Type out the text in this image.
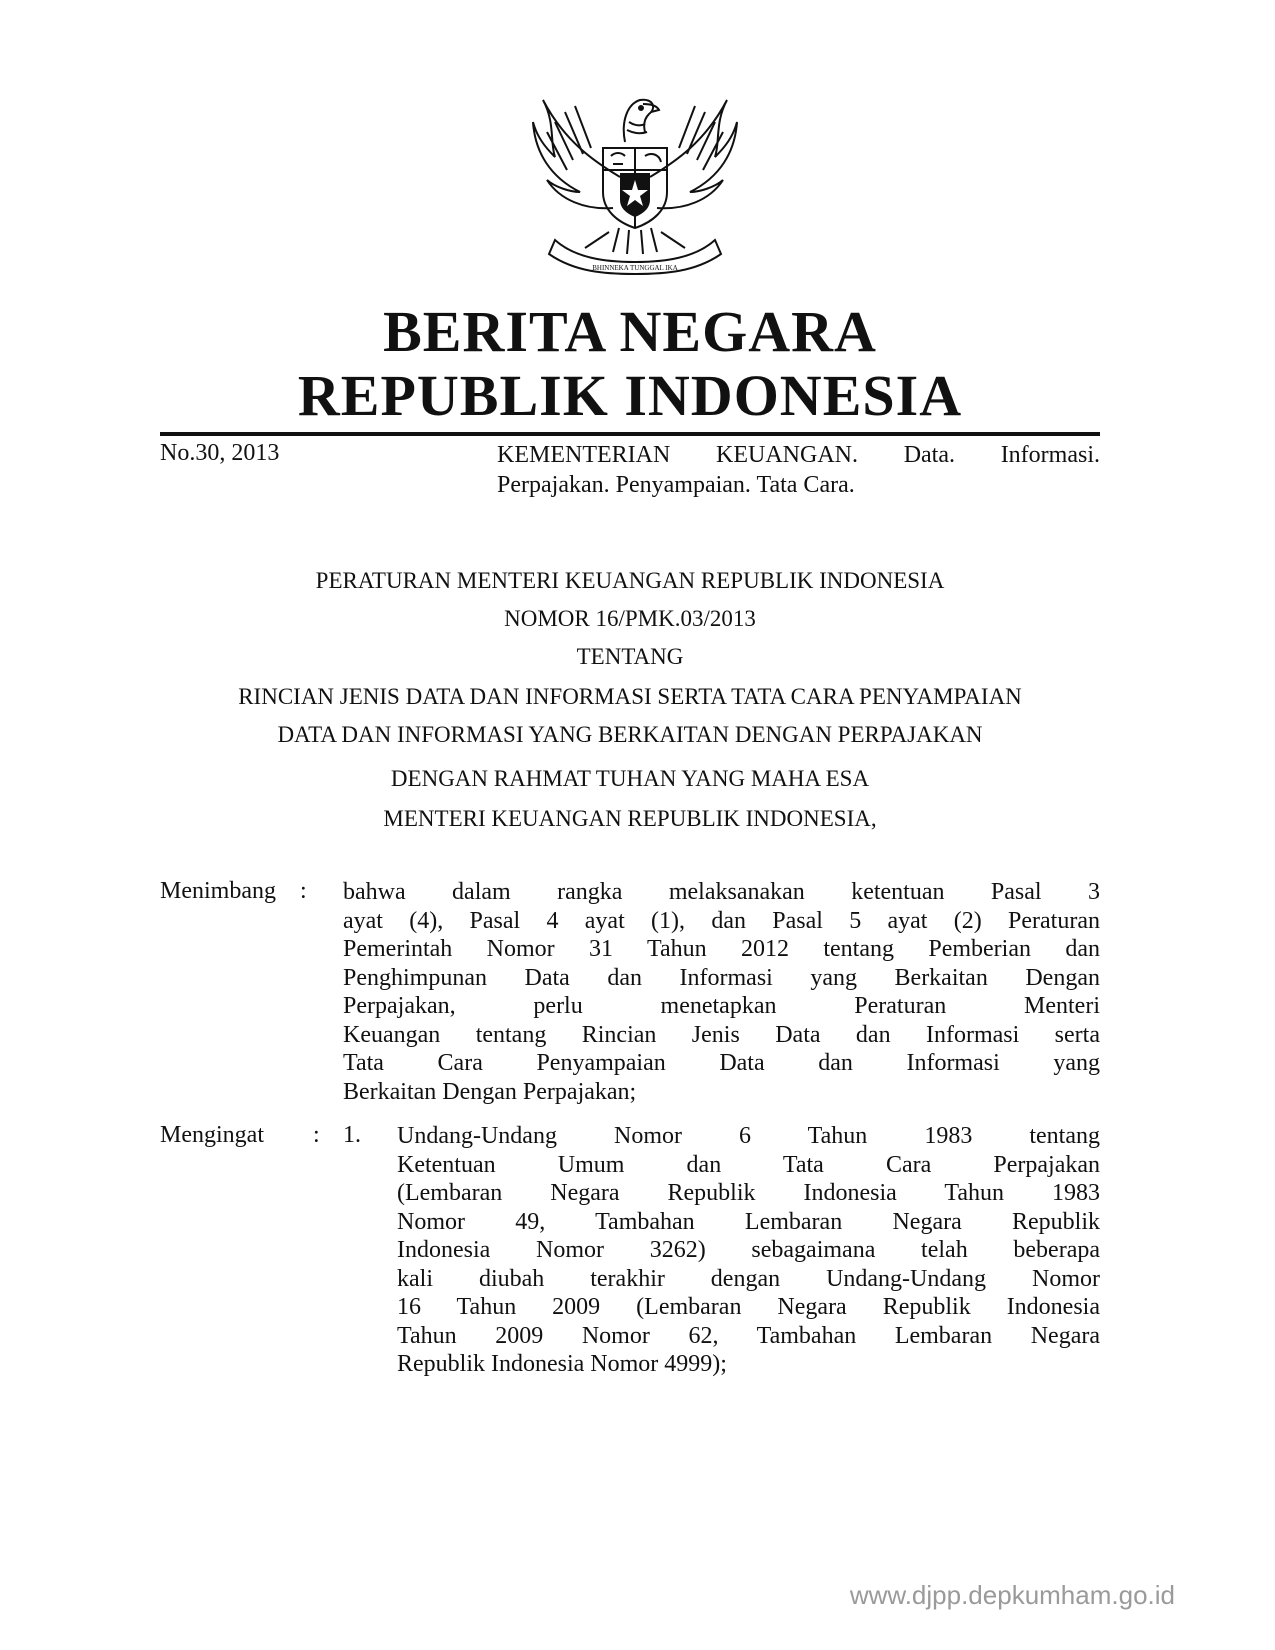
BHINNEKA TUNGGAL IKA
BERITA NEGARA
REPUBLIK INDONESIA
No.30, 2013	KEMENTERIAN KEUANGAN. Data. Informasi.
Perpajakan. Penyampaian. Tata Cara.
PERATURAN MENTERI KEUANGAN REPUBLIK INDONESIA
NOMOR 16/PMK.03/2013
TENTANG
RINCIAN JENIS DATA DAN INFORMASI SERTA TATA CARA PENYAMPAIAN
DATA DAN INFORMASI YANG BERKAITAN DENGAN PERPAJAKAN
DENGAN RAHMAT TUHAN YANG MAHA ESA
MENTERI KEUANGAN REPUBLIK INDONESIA,
Menimbang : bahwa dalam rangka melaksanakan ketentuan Pasal 3
ayat (4), Pasal 4 ayat (1), dan Pasal 5 ayat (2) Peraturan
Pemerintah Nomor 31 Tahun 2012 tentang Pemberian dan
Penghimpunan Data dan Informasi yang Berkaitan Dengan
Perpajakan, perlu menetapkan Peraturan Menteri
Keuangan tentang Rincian Jenis Data dan Informasi serta
Tata Cara Penyampaian Data dan Informasi yang
Berkaitan Dengan Perpajakan;
Mengingat : 1. Undang-Undang Nomor 6 Tahun 1983 tentang
Ketentuan Umum dan Tata Cara Perpajakan
(Lembaran Negara Republik Indonesia Tahun 1983
Nomor 49, Tambahan Lembaran Negara Republik
Indonesia Nomor 3262) sebagaimana telah beberapa
kali diubah terakhir dengan Undang-Undang Nomor
16 Tahun 2009 (Lembaran Negara Republik Indonesia
Tahun 2009 Nomor 62, Tambahan Lembaran Negara
Republik Indonesia Nomor 4999);
www.djpp.depkumham.go.id
